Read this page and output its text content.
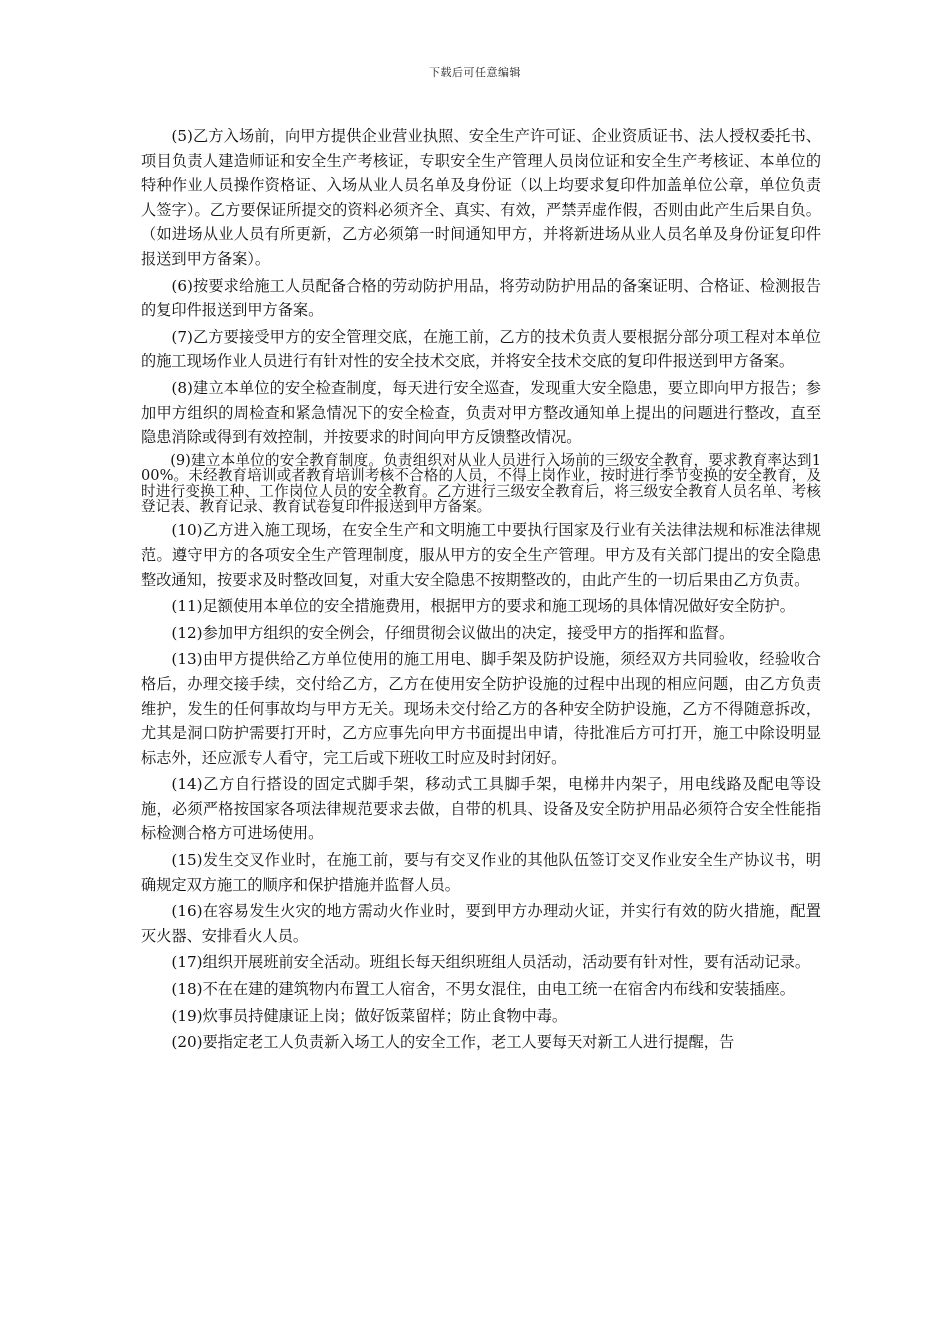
下载后可任意编辑

(5)乙方入场前，向甲方提供企业营业执照、安全生产许可证、企业资质证书、法人授权委托书、项目负责人建造师证和安全生产考核证，专职安全生产管理人员岗位证和安全生产考核证、本单位的特种作业人员操作资格证、入场从业人员名单及身份证（以上均要求复印件加盖单位公章，单位负责人签字）。乙方要保证所提交的资料必须齐全、真实、有效，严禁弄虚作假，否则由此产生后果自负。（如进场从业人员有所更新，乙方必须第一时间通知甲方，并将新进场从业人员名单及身份证复印件报送到甲方备案）。

(6)按要求给施工人员配备合格的劳动防护用品，将劳动防护用品的备案证明、合格证、检测报告的复印件报送到甲方备案。

(7)乙方要接受甲方的安全管理交底，在施工前，乙方的技术负责人要根据分部分项工程对本单位的施工现场作业人员进行有针对性的安全技术交底，并将安全技术交底的复印件报送到甲方备案。

(8)建立本单位的安全检查制度，每天进行安全巡查，发现重大安全隐患，要立即向甲方报告；参加甲方组织的周检查和紧急情况下的安全检查，负责对甲方整改通知单上提出的问题进行整改，直至隐患消除或得到有效控制，并按要求的时间向甲方反馈整改情况。

(9)建立本单位的安全教育制度。负责组织对从业人员进行入场前的三级安全教育，要求教育率达到100%。未经教育培训或者教育培训考核不合格的人员，不得上岗作业，按时进行季节变换的安全教育，及时进行变换工种、工作岗位人员的安全教育。乙方进行三级安全教育后，将三级安全教育人员名单、考核登记表、教育记录、教育试卷复印件报送到甲方备案。

(10)乙方进入施工现场，在安全生产和文明施工中要执行国家及行业有关法律法规和标准法律规范。遵守甲方的各项安全生产管理制度，服从甲方的安全生产管理。甲方及有关部门提出的安全隐患整改通知，按要求及时整改回复，对重大安全隐患不按期整改的，由此产生的一切后果由乙方负责。

(11)足额使用本单位的安全措施费用，根据甲方的要求和施工现场的具体情况做好安全防护。

(12)参加甲方组织的安全例会，仔细贯彻会议做出的决定，接受甲方的指挥和监督。

(13)由甲方提供给乙方单位使用的施工用电、脚手架及防护设施，须经双方共同验收，经验收合格后，办理交接手续，交付给乙方，乙方在使用安全防护设施的过程中出现的相应问题，由乙方负责维护，发生的任何事故均与甲方无关。现场未交付给乙方的各种安全防护设施，乙方不得随意拆改，尤其是洞口防护需要打开时，乙方应事先向甲方书面提出申请，待批准后方可打开，施工中除设明显标志外，还应派专人看守，完工后或下班收工时应及时封闭好。

(14)乙方自行搭设的固定式脚手架，移动式工具脚手架，电梯井内架子，用电线路及配电等设施，必须严格按国家各项法律规范要求去做，自带的机具、设备及安全防护用品必须符合安全性能指标检测合格方可进场使用。

(15)发生交叉作业时，在施工前，要与有交叉作业的其他队伍签订交叉作业安全生产协议书，明确规定双方施工的顺序和保护措施并监督人员。

(16)在容易发生火灾的地方需动火作业时，要到甲方办理动火证，并实行有效的防火措施，配置灭火器、安排看火人员。

(17)组织开展班前安全活动。班组长每天组织班组人员活动，活动要有针对性，要有活动记录。

(18)不在在建的建筑物内布置工人宿舍，不男女混住，由电工统一在宿舍内布线和安装插座。

(19)炊事员持健康证上岗；做好饭菜留样；防止食物中毒。

(20)要指定老工人负责新入场工人的安全工作，老工人要每天对新工人进行提醒，告
